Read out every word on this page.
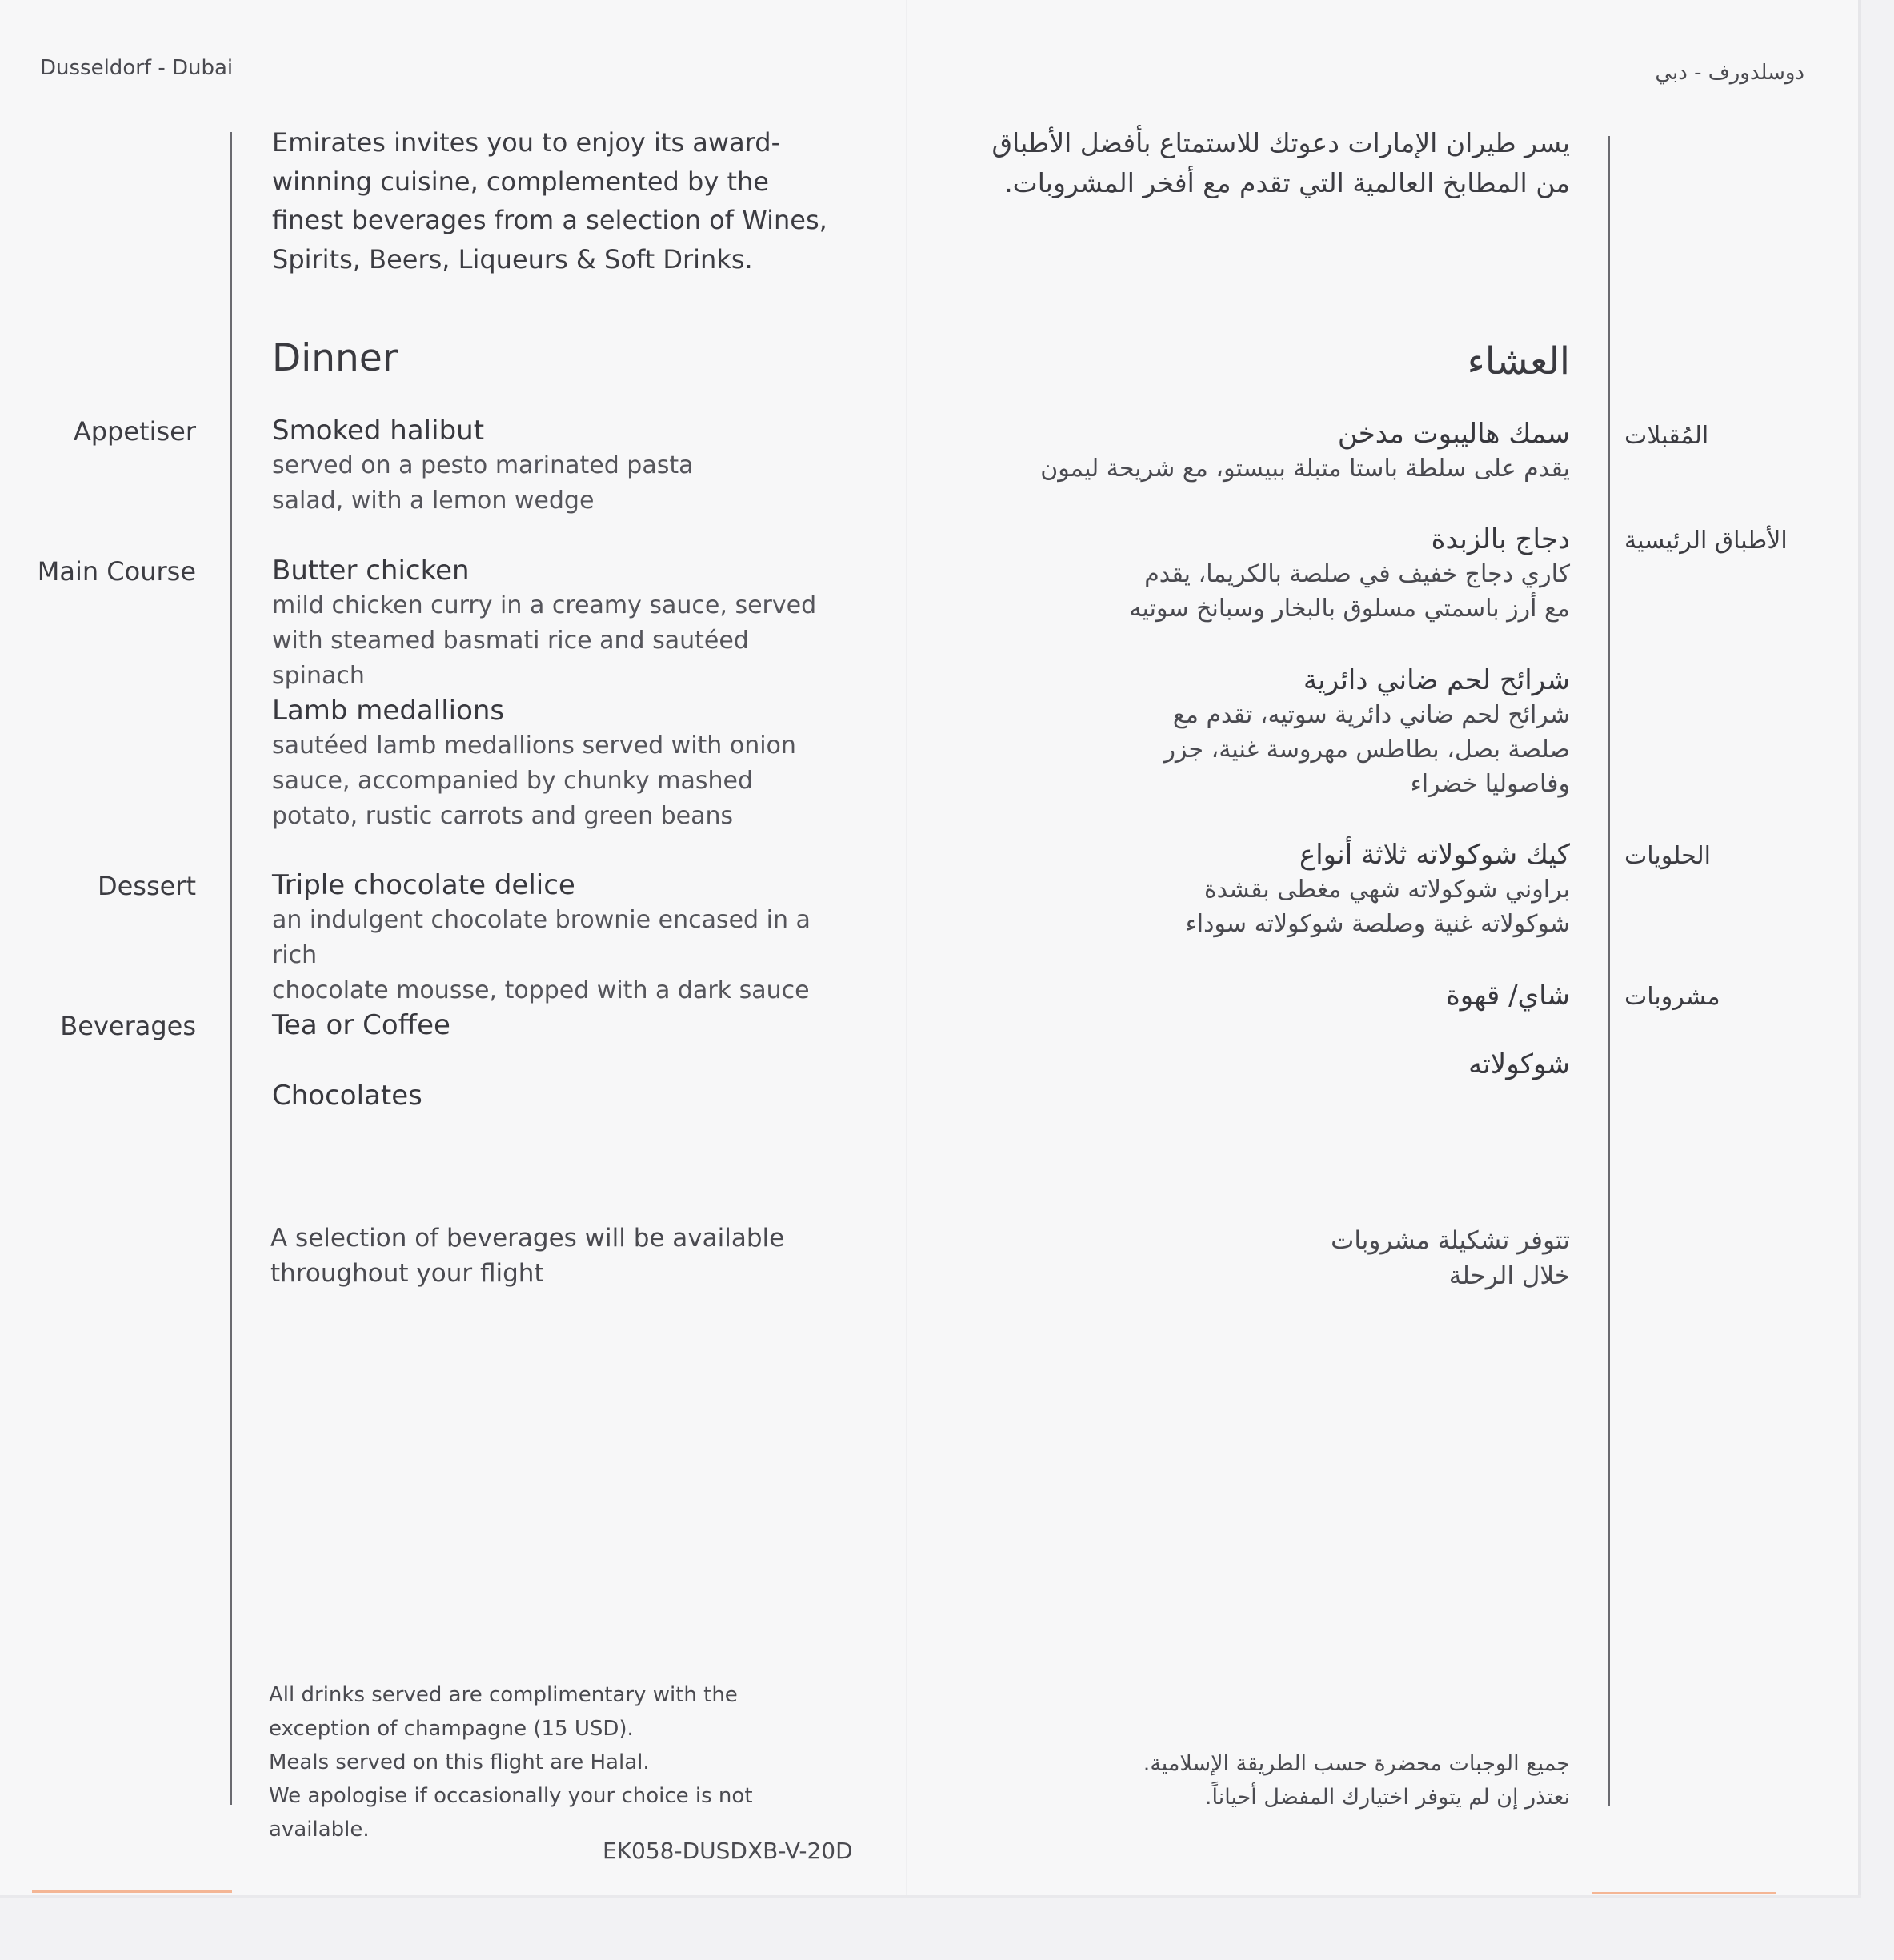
Dusseldorf - Dubai	دوسلدورف - دبي

Emirates invites you to enjoy its award-winning cuisine, complemented by the finest beverages from a selection of Wines, Spirits, Beers, Liqueurs & Soft Drinks.

يسر طيران الإمارات دعوتك للاستمتاع بأفضل الأطباق
من المطابخ العالمية التي تقدم مع أفخر المشروبات.

Dinner	العشاء

Appetiser

Main Course

Dessert

Beverages

المُقبلات

الأطباق الرئيسية

الحلويات

مشروبات

Smoked halibut
served on a pesto marinated pasta
salad, with a lemon wedge
Butter chicken
mild chicken curry in a creamy sauce, served
with steamed basmati rice and sautéed spinach
Lamb medallions
sautéed lamb medallions served with onion
sauce, accompanied by chunky mashed
potato, rustic carrots and green beans
Triple chocolate delice
an indulgent chocolate brownie encased in a rich
chocolate mousse, topped with a dark sauce
Tea or Coffee
Chocolates
سمك هاليبوت مدخن
يقدم على سلطة باستا متبلة ببيستو، مع شريحة ليمون
دجاج بالزبدة
كاري دجاج خفيف في صلصة بالكريما، يقدم
مع أرز باسمتي مسلوق بالبخار وسبانخ سوتيه
شرائح لحم ضاني دائرية
شرائح لحم ضاني دائرية سوتيه، تقدم مع
صلصة بصل، بطاطس مهروسة غنية، جزر
وفاصوليا خضراء
كيك شوكولاته ثلاثة أنواع
براوني شوكولاته شهي مغطى بقشدة
شوكولاته غنية وصلصة شوكولاته سوداء
شاي/ قهوة
شوكولاته
A selection of beverages will be available
throughout your flight
تتوفر تشكيلة مشروبات
خلال الرحلة
All drinks served are complimentary with the
exception of champagne (15 USD).
Meals served on this flight are Halal.
We apologise if occasionally your choice is not available.
جميع الوجبات محضرة حسب الطريقة الإسلامية.
نعتذر إن لم يتوفر اختيارك المفضل أحياناً.

EK058-DUSDXB-V-20D
